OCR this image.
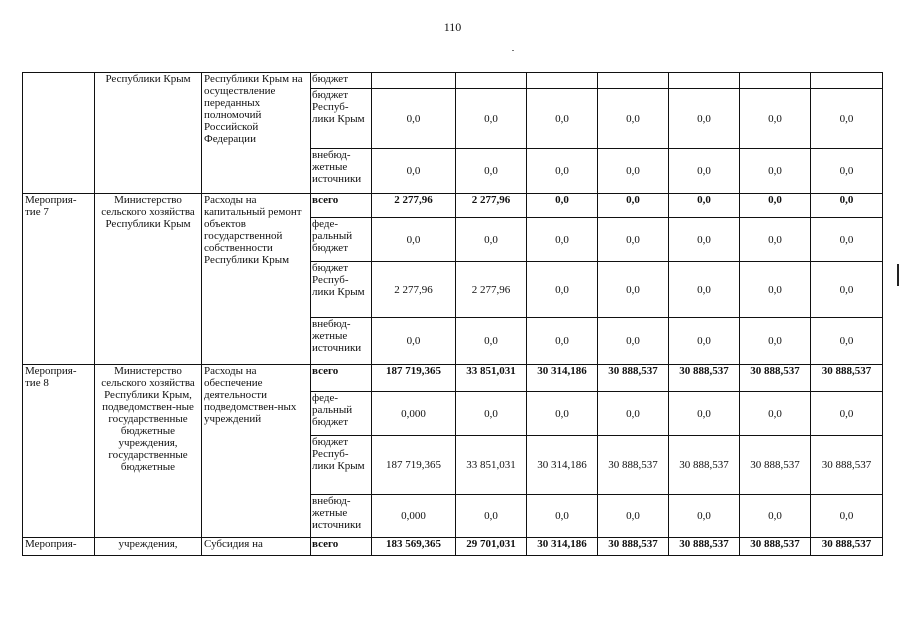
110
	Республики Крым	Республики Крым на осуществление переданных полномочий Российской Федерации	бюджет							
			бюджет Респуб-лики Крым	0,0	0,0	0,0	0,0	0,0	0,0	0,0
			внебюд-жетные источники	0,0	0,0	0,0	0,0	0,0	0,0	0,0
Мероприя-тие 7	Министерство сельского хозяйства Республики Крым	Расходы на капитальный ремонт объектов государственной собственности Республики Крым	всего	2 277,96	2 277,96	0,0	0,0	0,0	0,0	0,0
			феде-ральный бюджет	0,0	0,0	0,0	0,0	0,0	0,0	0,0
			бюджет Респуб-лики Крым	2 277,96	2 277,96	0,0	0,0	0,0	0,0	0,0
			внебюд-жетные источники	0,0	0,0	0,0	0,0	0,0	0,0	0,0
Мероприя-тие 8	Министерство сельского хозяйства Республики Крым, подведомствен-ные государственные бюджетные учреждения, государственные бюджетные	Расходы на обеспечение деятельности подведомствен-ных учреждений	всего	187 719,365	33 851,031	30 314,186	30 888,537	30 888,537	30 888,537	30 888,537
			феде-ральный бюджет	0,000	0,0	0,0	0,0	0,0	0,0	0,0
			бюджет Респуб-лики Крым	187 719,365	33 851,031	30 314,186	30 888,537	30 888,537	30 888,537	30 888,537
			внебюд-жетные источники	0,000	0,0	0,0	0,0	0,0	0,0	0,0
Мероприя-	учреждения,	Субсидия на	всего	183 569,365	29 701,031	30 314,186	30 888,537	30 888,537	30 888,537	30 888,537
